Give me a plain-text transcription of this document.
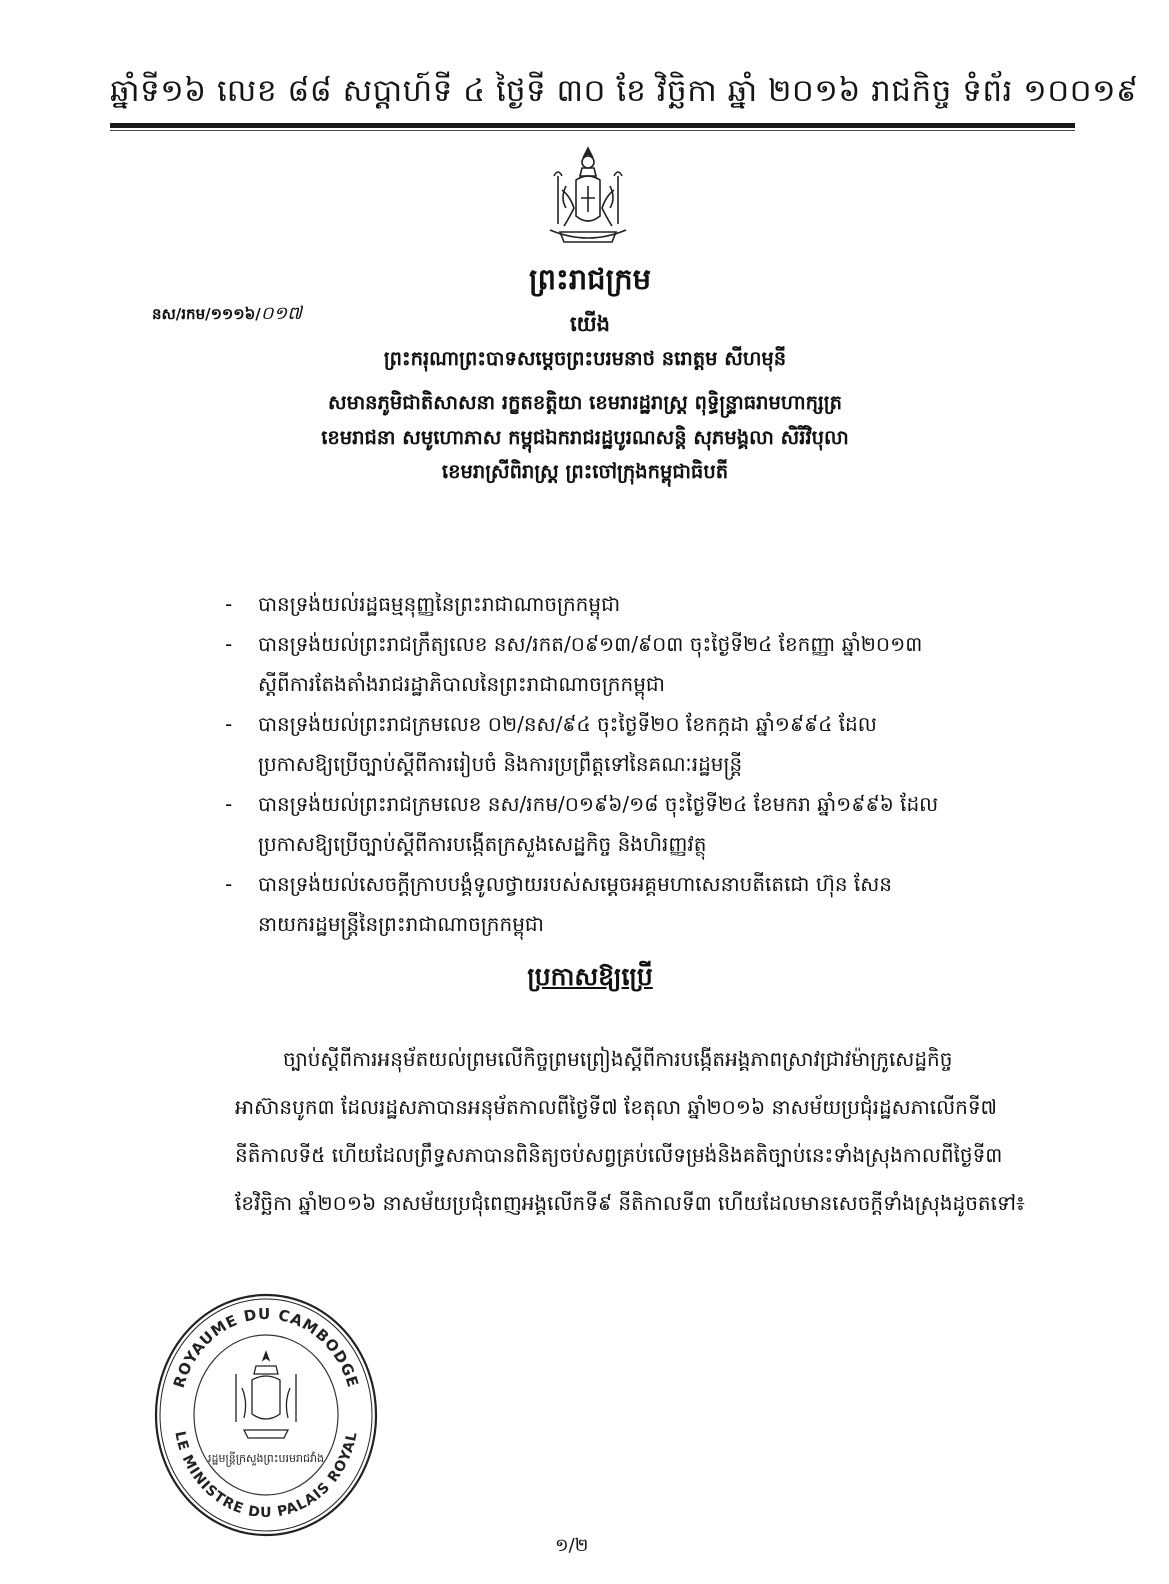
ឆ្នាំទី១៦ លេខ ៨៨ សប្តាហ៍ទី ៤ ថ្ងៃទី ៣០ ខែ វិច្ឆិកា ឆ្នាំ ២០១៦ រាជកិច្ច ទំព័រ ១០០១៩
ព្រះរាជក្រម
នស/រកម/១១១៦/០១៧	យើង
ព្រះករុណាព្រះបាទសម្តេចព្រះបរមនាថ នរោត្តម សីហមុនី
សមានភូមិជាតិសាសនា រក្ខតខត្តិយា ខេមរារដ្ឋរាស្ត្រ ពុទ្ធិន្ទ្រាធរាមហាក្សត្រ
ខេមរាជនា សមូហោភាស កម្ពុជឯករាជរដ្ឋបូរណសន្តិ សុភមង្គលា សិរីវិបុលា
ខេមរាស្រីពិរាស្ត្រ ព្រះចៅក្រុងកម្ពុជាធិបតី
- បានទ្រង់យល់រដ្ឋធម្មនុញ្ញនៃព្រះរាជាណាចក្រកម្ពុជា
- បានទ្រង់យល់ព្រះរាជក្រឹត្យលេខ នស/រកត/០៩១៣/៩០៣ ចុះថ្ងៃទី២៤ ខែកញ្ញា ឆ្នាំ២០១៣
ស្តីពីការតែងតាំងរាជរដ្ឋាភិបាលនៃព្រះរាជាណាចក្រកម្ពុជា
- បានទ្រង់យល់ព្រះរាជក្រមលេខ ០២/នស/៩៤ ចុះថ្ងៃទី២០ ខែកក្កដា ឆ្នាំ១៩៩៤ ដែល
ប្រកាសឱ្យប្រើច្បាប់ស្តីពីការរៀបចំ និងការប្រព្រឹត្តទៅនៃគណៈរដ្ឋមន្ត្រី
- បានទ្រង់យល់ព្រះរាជក្រមលេខ នស/រកម/០១៩៦/១៨ ចុះថ្ងៃទី២៤ ខែមករា ឆ្នាំ១៩៩៦ ដែល
ប្រកាសឱ្យប្រើច្បាប់ស្តីពីការបង្កើតក្រសួងសេដ្ឋកិច្ច និងហិរញ្ញវត្ថុ
- បានទ្រង់យល់សេចក្តីក្រាបបង្គំទូលថ្វាយរបស់សម្តេចអគ្គមហាសេនាបតីតេជោ ហ៊ុន សែន
នាយករដ្ឋមន្ត្រីនៃព្រះរាជាណាចក្រកម្ពុជា
ប្រកាសឱ្យប្រើ
ច្បាប់ស្តីពីការអនុម័តយល់ព្រមលើកិច្ចព្រមព្រៀងស្តីពីការបង្កើតអង្គភាពស្រាវជ្រាវម៉ាក្រូសេដ្ឋកិច្ច
អាស៊ានបូក៣ ដែលរដ្ឋសភាបានអនុម័តកាលពីថ្ងៃទី៧ ខែតុលា ឆ្នាំ២០១៦ នាសម័យប្រជុំរដ្ឋសភាលើកទី៧
នីតិកាលទី៥ ហើយដែលព្រឹទ្ធសភាបានពិនិត្យចប់សព្វគ្រប់លើទម្រង់និងគតិច្បាប់នេះទាំងស្រុងកាលពីថ្ងៃទី៣
ខែវិច្ឆិកា ឆ្នាំ២០១៦ នាសម័យប្រជុំពេញអង្គលើកទី៩ នីតិកាលទី៣ ហើយដែលមានសេចក្តីទាំងស្រុងដូចតទៅ៖
ROYAUME DU CAMBODGE
LE MINISTRE DU PALAIS ROYAL
រដ្ឋមន្ត្រីក្រសួងព្រះបរមរាជវាំង
១/២
